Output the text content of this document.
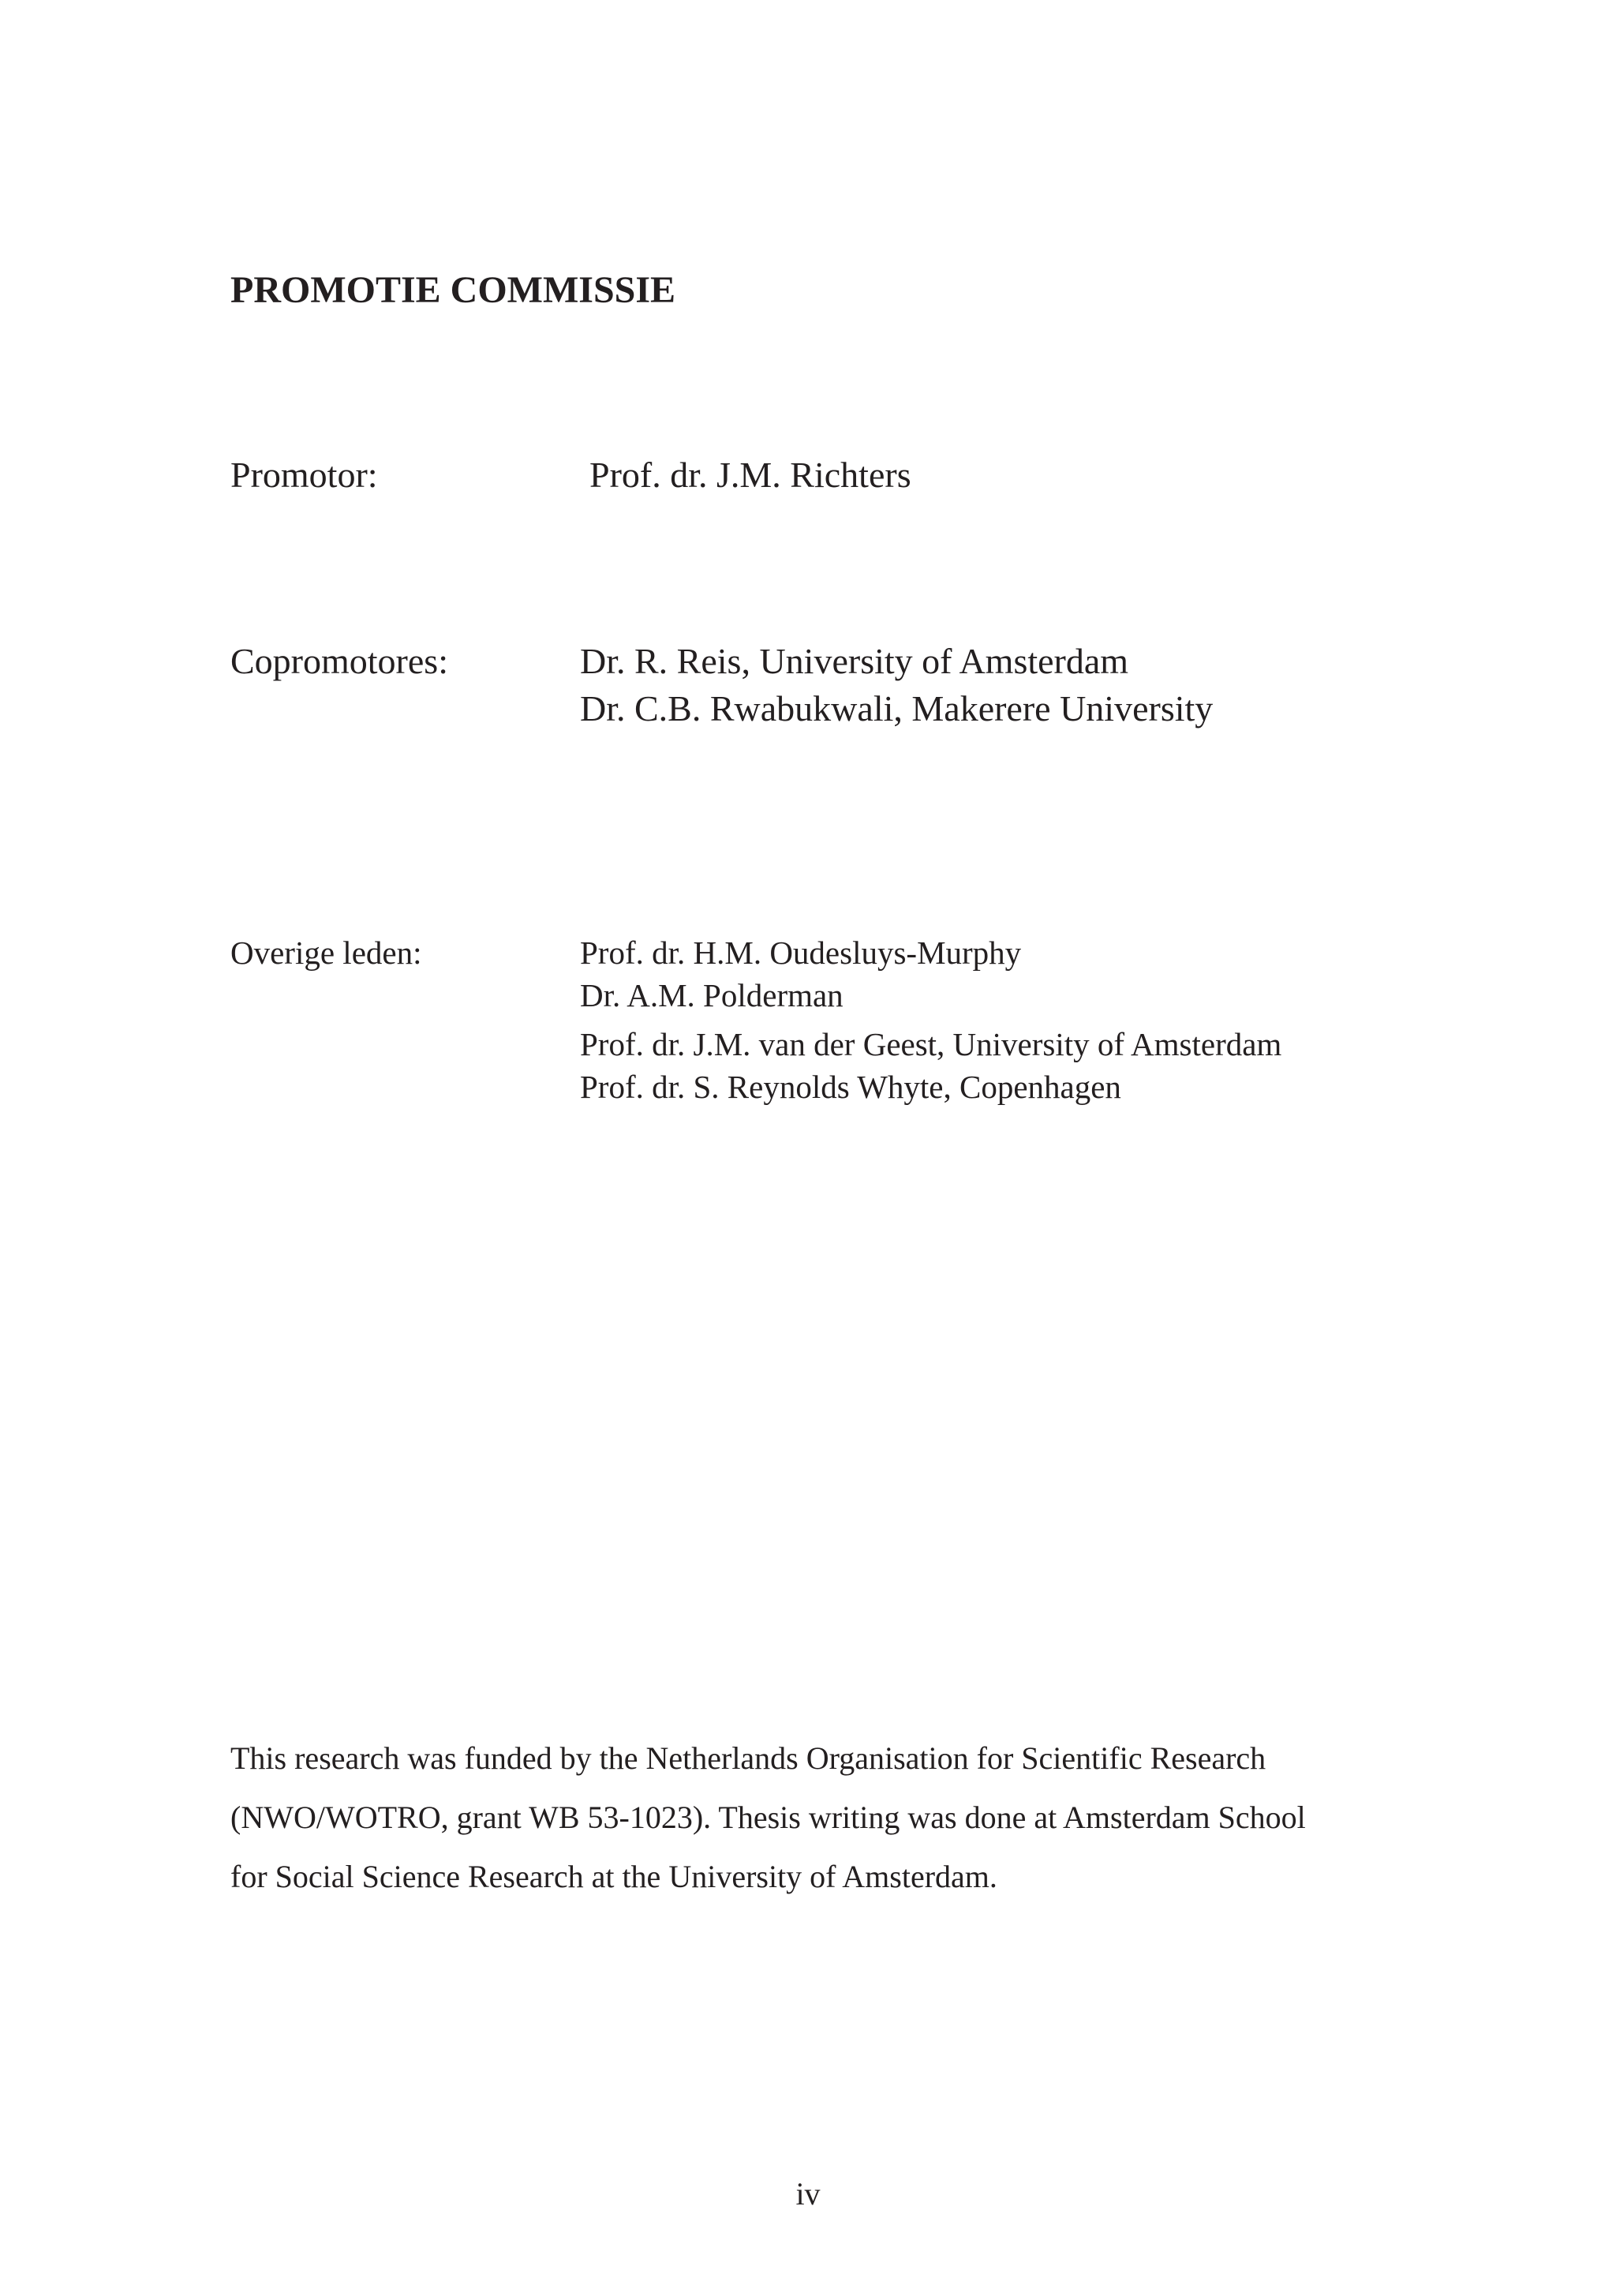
PROMOTIE COMMISSIE
Promotor:	Prof. dr. J.M. Richters
Copromotores:	Dr. R. Reis, University of Amsterdam
Dr. C.B. Rwabukwali, Makerere University
Overige leden:	Prof. dr. H.M. Oudesluys-Murphy
Dr. A.M. Polderman
Prof. dr. J.M. van der Geest, University of Amsterdam
Prof. dr. S. Reynolds Whyte, Copenhagen

This research was funded by the Netherlands Organisation for Scientific Research
(NWO/WOTRO, grant WB 53-1023). Thesis writing was done at Amsterdam School
for Social Science Research at the University of Amsterdam.

iv
